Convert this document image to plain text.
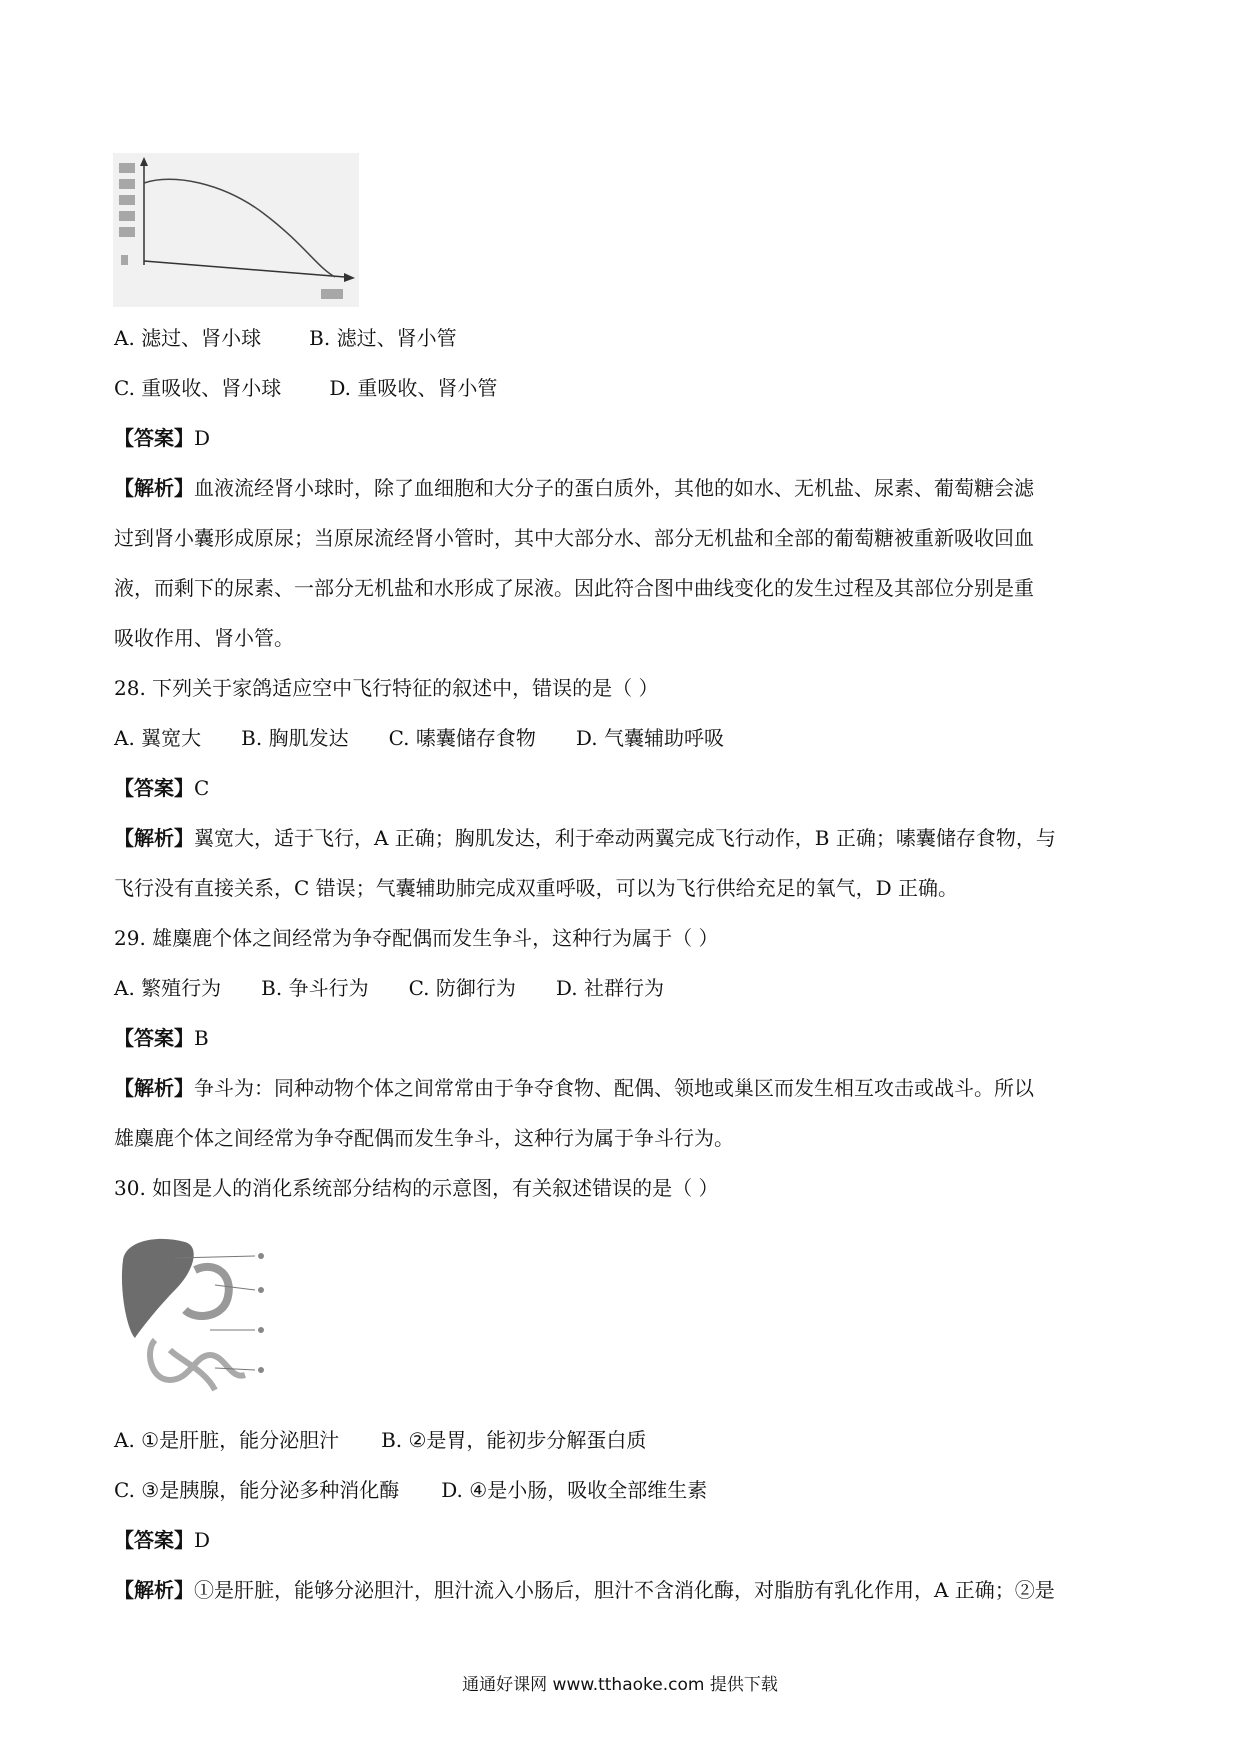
A. 滤过、肾小球 B. 滤过、肾小管
C. 重吸收、肾小球 D. 重吸收、肾小管
【答案】D
【解析】血液流经肾小球时，除了血细胞和大分子的蛋白质外，其他的如水、无机盐、尿素、葡萄糖会滤
过到肾小囊形成原尿；当原尿流经肾小管时，其中大部分水、部分无机盐和全部的葡萄糖被重新吸收回血
液，而剩下的尿素、一部分无机盐和水形成了尿液。因此符合图中曲线变化的发生过程及其部位分别是重
吸收作用、肾小管。
28. 下列关于家鸽适应空中飞行特征的叙述中，错误的是（ ）
A. 翼宽大 B. 胸肌发达 C. 嗉囊储存食物 D. 气囊辅助呼吸
【答案】C
【解析】翼宽大，适于飞行，A 正确；胸肌发达，利于牵动两翼完成飞行动作，B 正确；嗉囊储存食物，与
飞行没有直接关系，C 错误；气囊辅助肺完成双重呼吸，可以为飞行供给充足的氧气，D 正确。
29. 雄麋鹿个体之间经常为争夺配偶而发生争斗，这种行为属于（ ）
A. 繁殖行为 B. 争斗行为 C. 防御行为 D. 社群行为
【答案】B
【解析】争斗为：同种动物个体之间常常由于争夺食物、配偶、领地或巢区而发生相互攻击或战斗。所以
雄麋鹿个体之间经常为争夺配偶而发生争斗，这种行为属于争斗行为。
30. 如图是人的消化系统部分结构的示意图，有关叙述错误的是（ ）
A. ①是肝脏，能分泌胆汁 B. ②是胃，能初步分解蛋白质
C. ③是胰腺，能分泌多种消化酶 D. ④是小肠，吸收全部维生素
【答案】D
【解析】①是肝脏，能够分泌胆汁，胆汁流入小肠后，胆汁不含消化酶，对脂肪有乳化作用，A 正确；②是
通通好课网 www.tthaoke.com 提供下载
